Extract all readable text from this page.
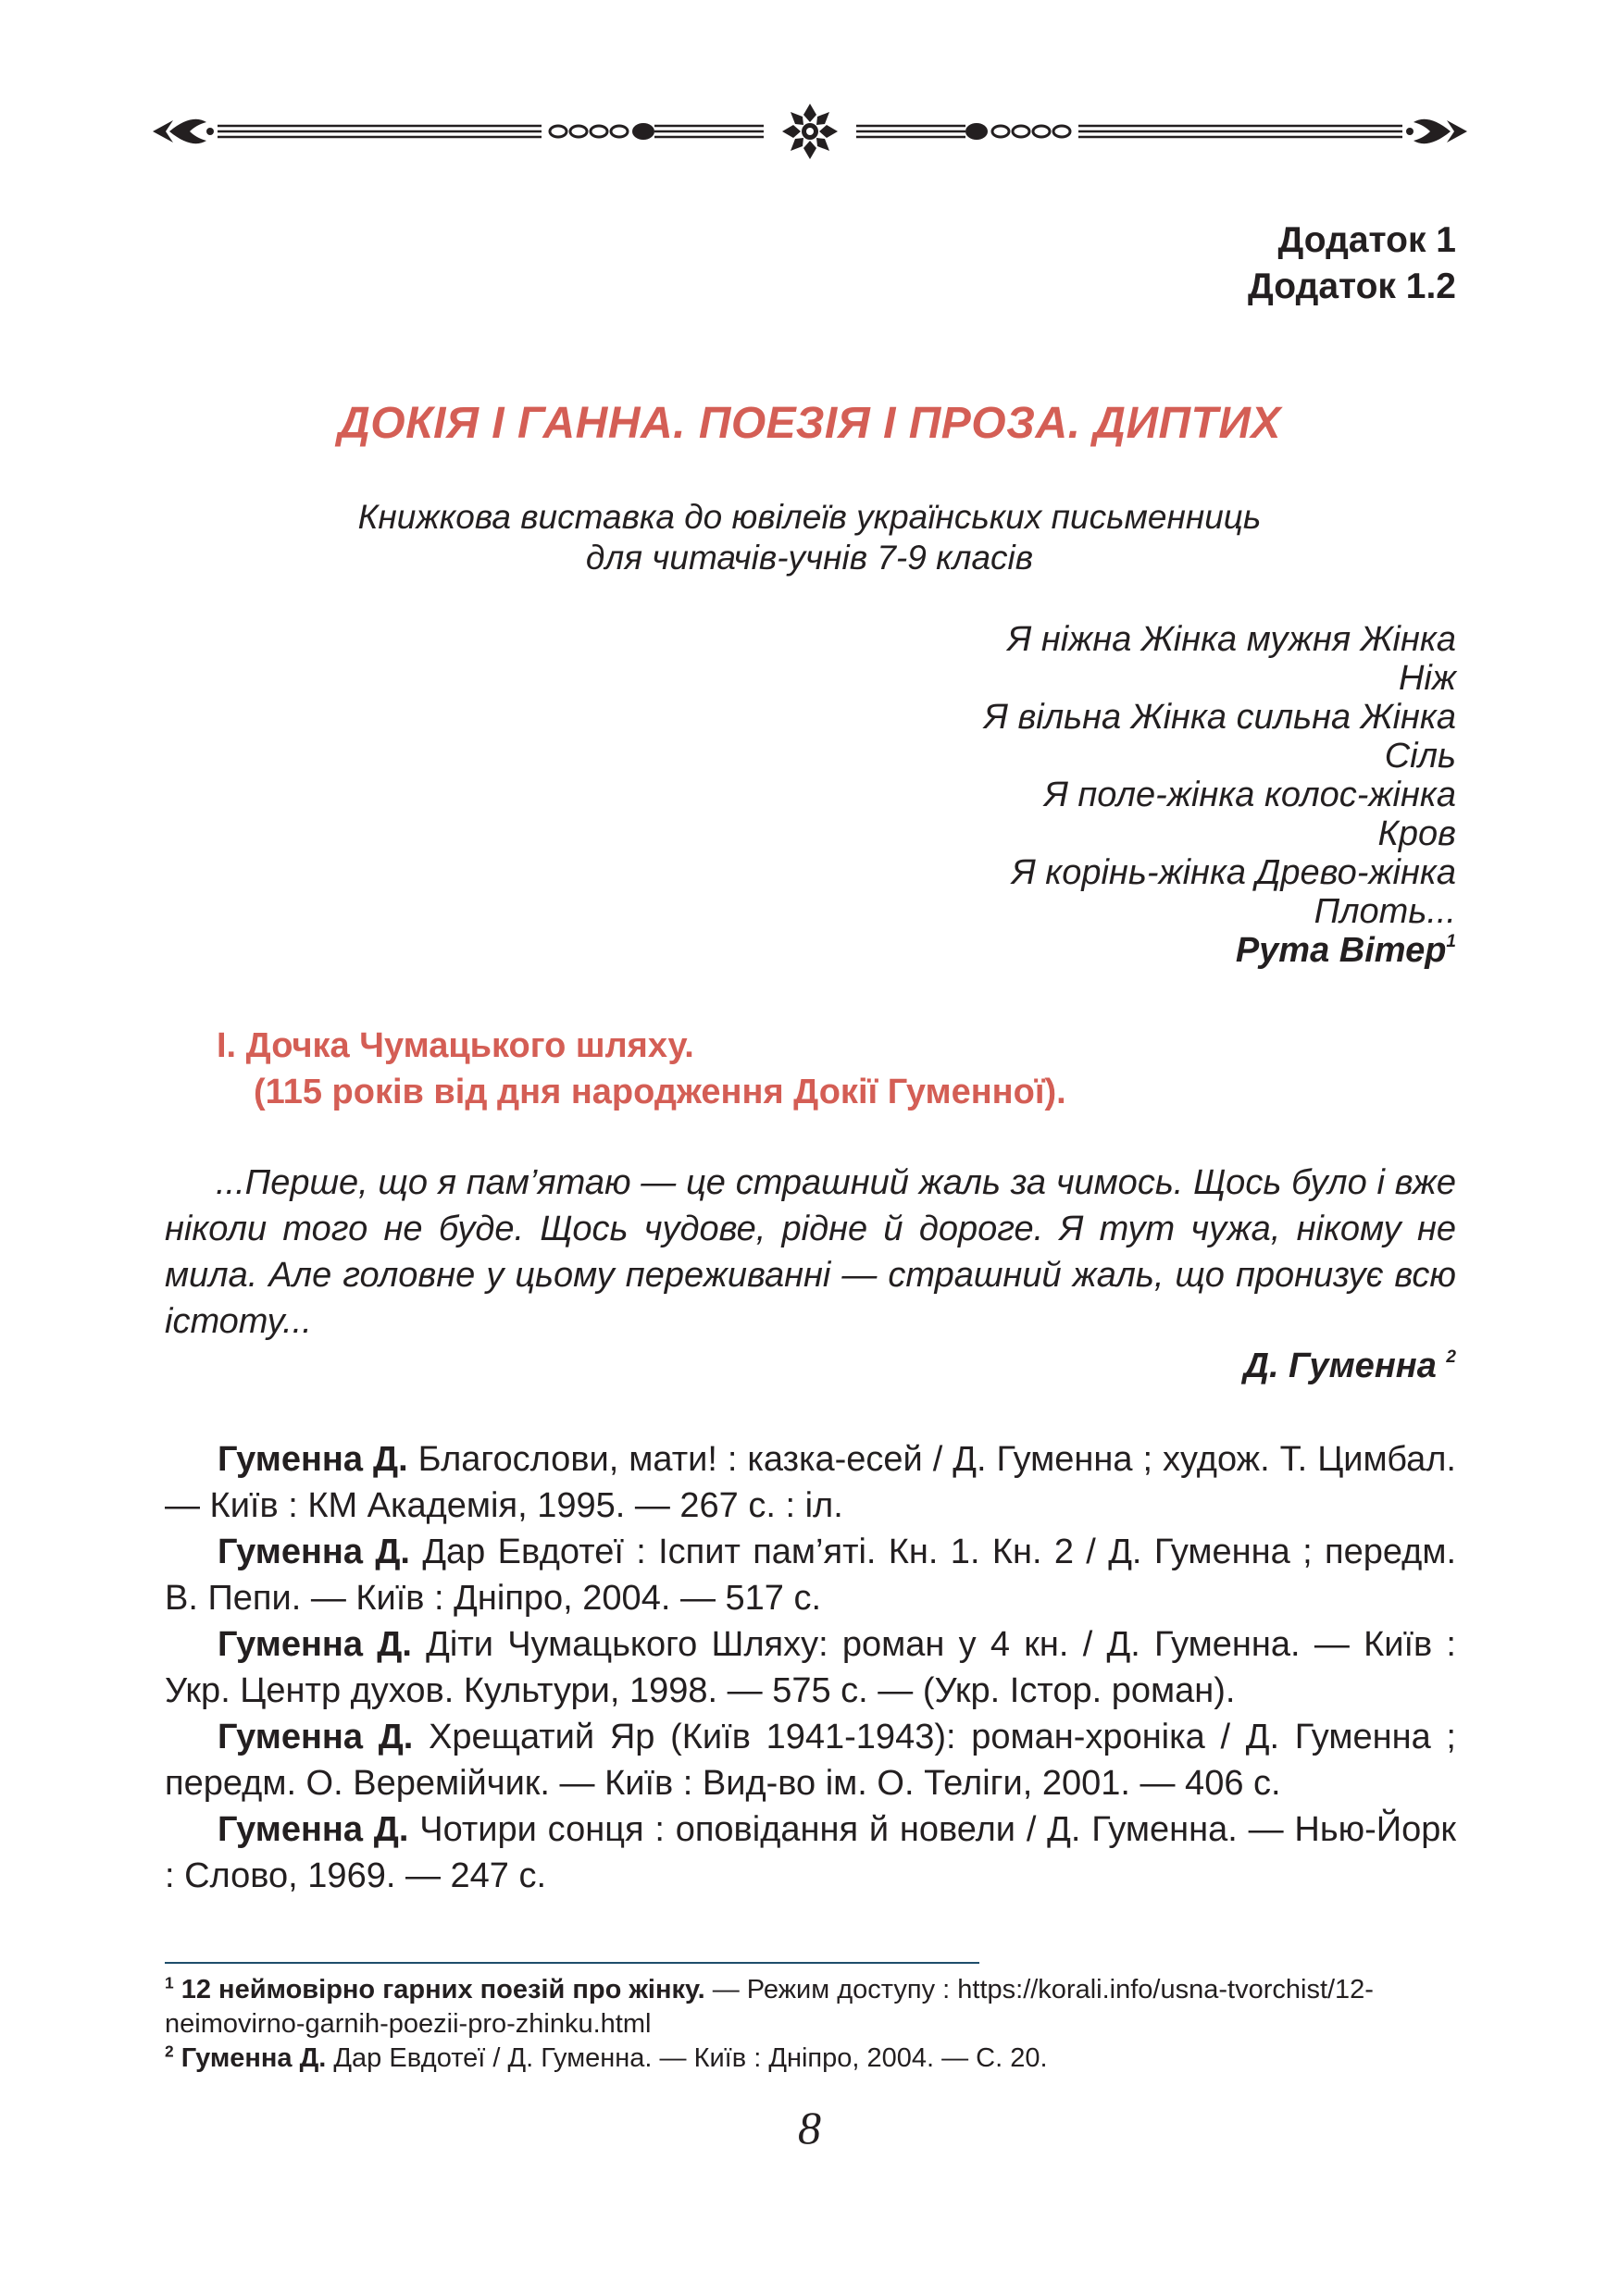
Додаток 1
Додаток 1.2
ДОКІЯ І ГАННА. ПОЕЗІЯ І ПРОЗА. ДИПТИХ
Книжкова виставка до ювілеїв українських письменниць
для читачів-учнів 7-9 класів
Я ніжна Жінка мужня Жінка
Ніж
Я вільна Жінка сильна Жінка
Сіль
Я поле-жінка колос-жінка
Кров
Я корінь-жінка Древо-жінка
Плоть...
Рута Вітер$^1$
І. Дочка Чумацького шляху.
(115 років від дня народження Докії Гуменної).

...Перше, що я пам’ятаю — це страшний жаль за чимось. Щось було і вже ніколи того не буде. Щось чудове, рідне й дороге. Я тут чужа, нікому не мила. Але головне у цьому переживанні — страшний жаль, що пронизує всю істоту...

Д. Гуменна $^2$

Гуменна Д. Благослови, мати! : казка-есей / Д. Гуменна ; худож. Т. Цимбал. — Київ : КМ Академія, 1995. — 267 с. : іл.

Гуменна Д. Дар Евдотеї : Іспит пам’яті. Кн. 1. Кн. 2 / Д. Гуменна ; передм. В. Пепи. — Київ : Дніпро, 2004. — 517 с.

Гуменна Д. Діти Чумацького Шляху: роман у 4 кн. / Д. Гуменна. — Київ : Укр. Центр духов. Культури, 1998. — 575 с. — (Укр. Істор. роман).

Гуменна Д. Хрещатий Яр (Київ 1941-1943): роман-хроніка / Д. Гуменна ; передм. О. Веремійчик. — Київ : Вид-во ім. О. Теліги, 2001. — 406 с.

Гуменна Д. Чотири сонця : оповідання й новели / Д. Гуменна. — Нью-Йорк : Слово, 1969. — 247 с.

$^1$ 12 неймовірно гарних поезій про жінку. — Режим доступу : https://korali.info/usna-tvorchist/12-neimovirno-garnih-poezii-pro-zhinku.html

$^2$ Гуменна Д. Дар Евдотеї / Д. Гуменна. — Київ : Дніпро, 2004. — С. 20.

8
